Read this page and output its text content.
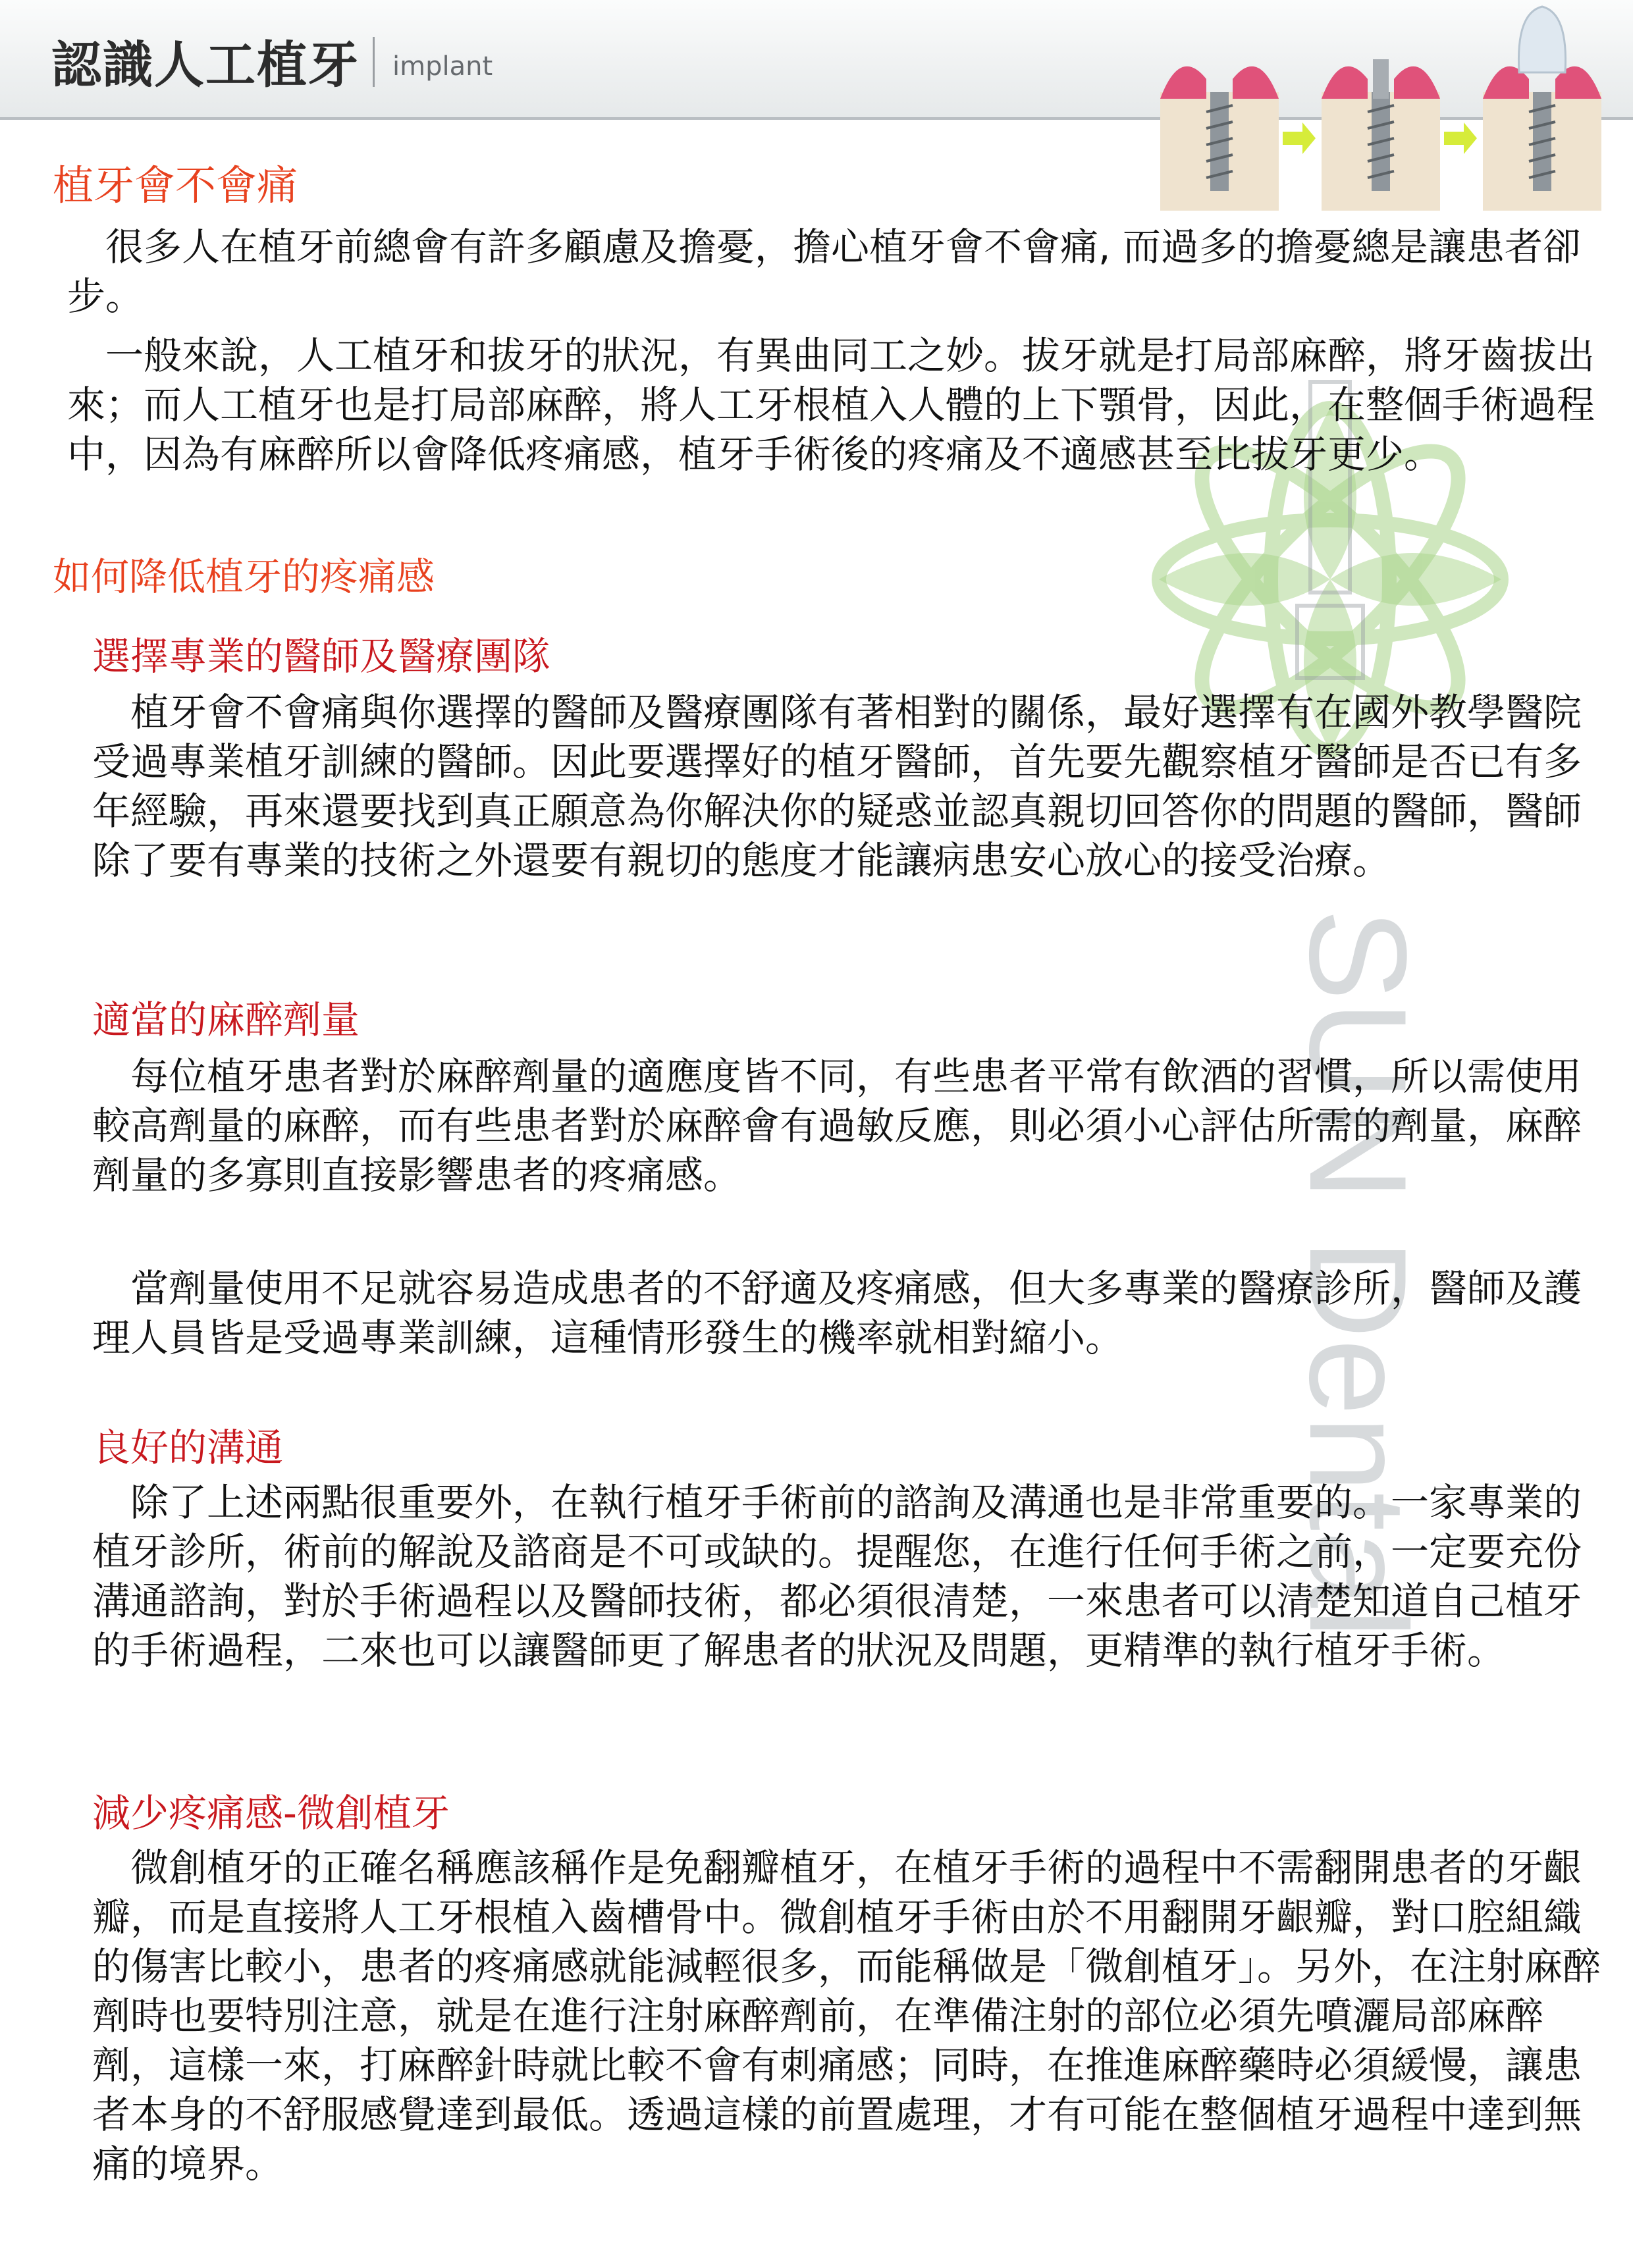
認識人工植牙 implant
SUN Dental
植牙會不會痛

　很多人在植牙前總會有許多顧慮及擔憂，擔心植牙會不會痛, 而過多的擔憂總是讓患者卻步。

　一般來說，人工植牙和拔牙的狀況，有異曲同工之妙。拔牙就是打局部麻醉，將牙齒拔出來；而人工植牙也是打局部麻醉，將人工牙根植入人體的上下顎骨，因此，在整個手術過程中，因為有麻醉所以會降低疼痛感，植牙手術後的疼痛及不適感甚至比拔牙更少。

如何降低植牙的疼痛感
選擇專業的醫師及醫療團隊

　植牙會不會痛與你選擇的醫師及醫療團隊有著相對的關係，最好選擇有在國外教學醫院受過專業植牙訓練的醫師。因此要選擇好的植牙醫師，首先要先觀察植牙醫師是否已有多年經驗，再來還要找到真正願意為你解決你的疑惑並認真親切回答你的問題的醫師，醫師除了要有專業的技術之外還要有親切的態度才能讓病患安心放心的接受治療。

適當的麻醉劑量

　每位植牙患者對於麻醉劑量的適應度皆不同，有些患者平常有飲酒的習慣，所以需使用較高劑量的麻醉，而有些患者對於麻醉會有過敏反應，則必須小心評估所需的劑量，麻醉劑量的多寡則直接影響患者的疼痛感。

　當劑量使用不足就容易造成患者的不舒適及疼痛感，但大多專業的醫療診所，醫師及護理人員皆是受過專業訓練，這種情形發生的機率就相對縮小。

良好的溝通

　除了上述兩點很重要外，在執行植牙手術前的諮詢及溝通也是非常重要的。一家專業的植牙診所，術前的解說及諮商是不可或缺的。提醒您，在進行任何手術之前，一定要充份溝通諮詢，對於手術過程以及醫師技術，都必須很清楚，一來患者可以清楚知道自己植牙的手術過程，二來也可以讓醫師更了解患者的狀況及問題，更精準的執行植牙手術。

減少疼痛感-微創植牙

　微創植牙的正確名稱應該稱作是免翻瓣植牙，在植牙手術的過程中不需翻開患者的牙齦瓣，而是直接將人工牙根植入齒槽骨中。微創植牙手術由於不用翻開牙齦瓣，對口腔組織的傷害比較小，患者的疼痛感就能減輕很多，而能稱做是「微創植牙」。另外，在注射麻醉劑時也要特別注意，就是在進行注射麻醉劑前，在準備注射的部位必須先噴灑局部麻醉劑，這樣一來，打麻醉針時就比較不會有刺痛感；同時，在推進麻醉藥時必須緩慢，讓患者本身的不舒服感覺達到最低。透過這樣的前置處理，才有可能在整個植牙過程中達到無痛的境界。
